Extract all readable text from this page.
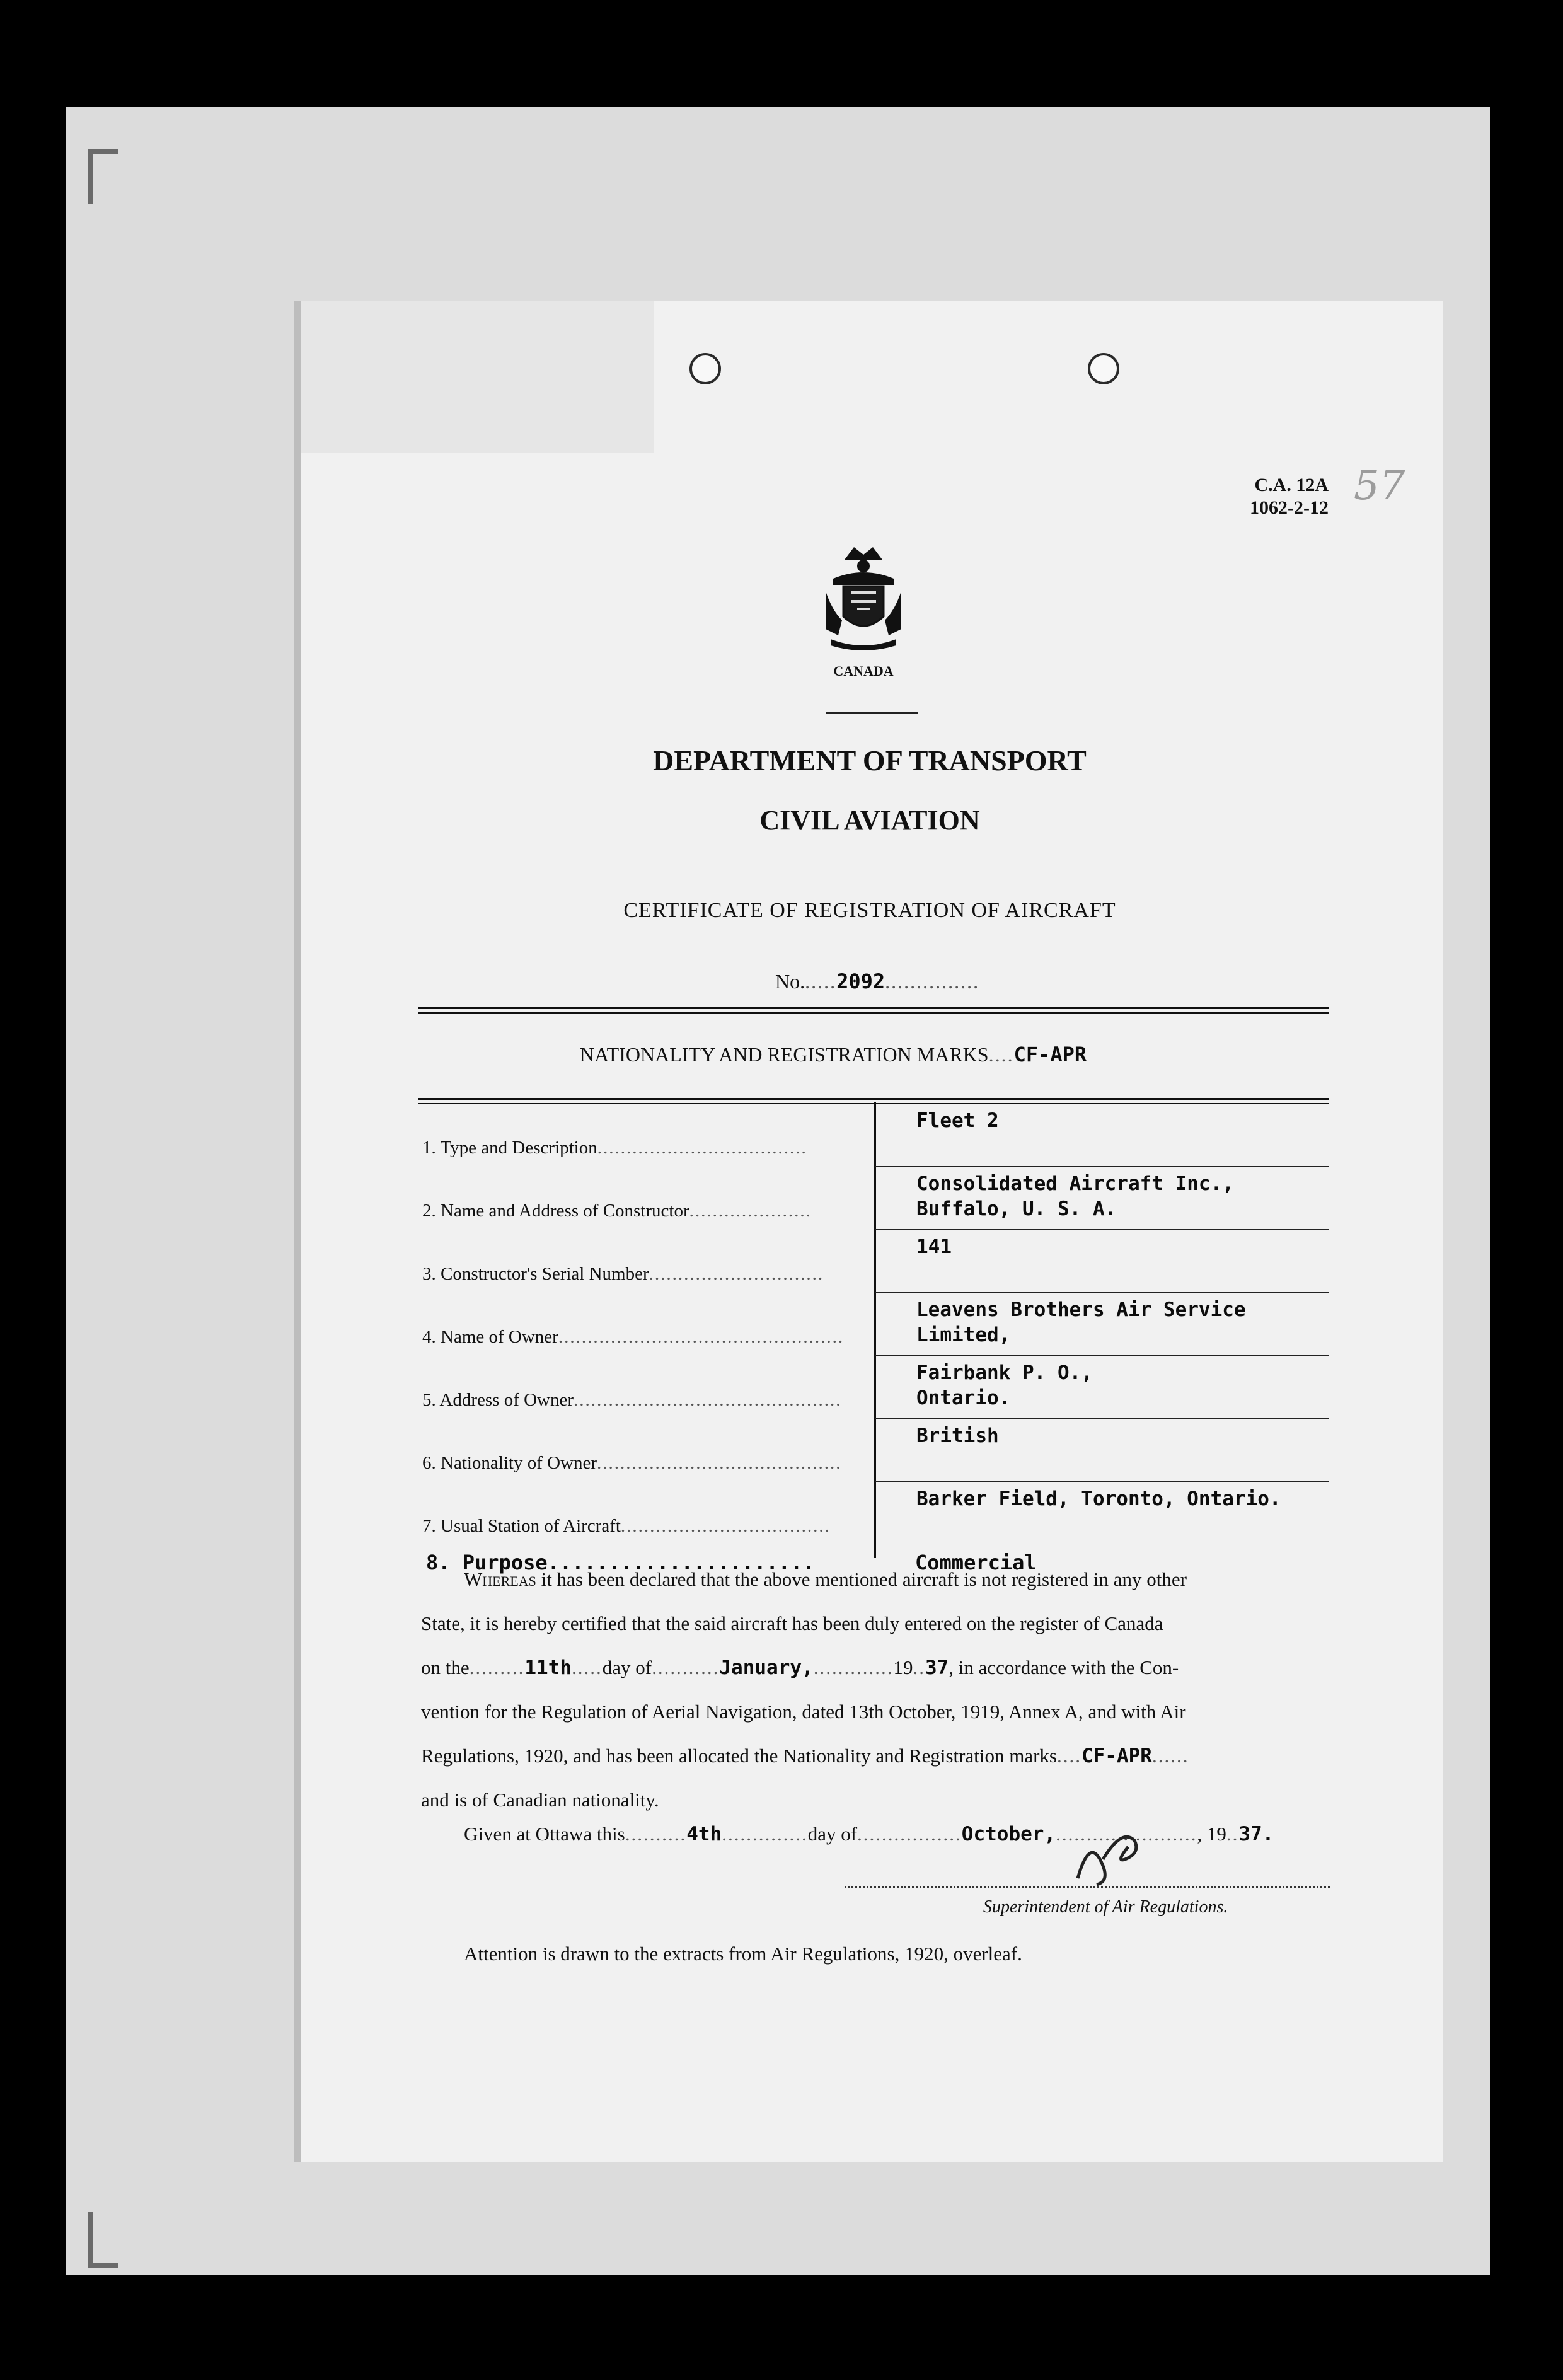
C.A. 12A
1062-2-12 57
CANADA
DEPARTMENT OF TRANSPORT
CIVIL AVIATION
CERTIFICATE OF REGISTRATION OF AIRCRAFT
No......2092...............
NATIONALITY AND REGISTRATION MARKS....CF-APR
1. Type and Description....................................
Fleet 2
2. Name and Address of Constructor.....................
Consolidated Aircraft Inc.,
Buffalo, U. S. A.
3. Constructor's Serial Number..............................
141
4. Name of Owner.................................................
Leavens Brothers Air Service
Limited,
5. Address of Owner..............................................
Fairbank P. O.,
Ontario.
6. Nationality of Owner..........................................
British
7. Usual Station of Aircraft....................................
Barker Field, Toronto, Ontario.
8. Purpose......................	Commercial
Whereas it has been declared that the above mentioned aircraft is not registered in any other
State, it is hereby certified that the said aircraft has been duly entered on the register of Canada
on the.........11th.....day of...........January,.............19..37, in accordance with the Con-
vention for the Regulation of Aerial Navigation, dated 13th October, 1919, Annex A, and with Air
Regulations, 1920, and has been allocated the Nationality and Registration marks....CF-APR......
and is of Canadian nationality.
Given at Ottawa this..........4th..............day of.................October,......................., 19..37.
Superintendent of Air Regulations.
Attention is drawn to the extracts from Air Regulations, 1920, overleaf.
